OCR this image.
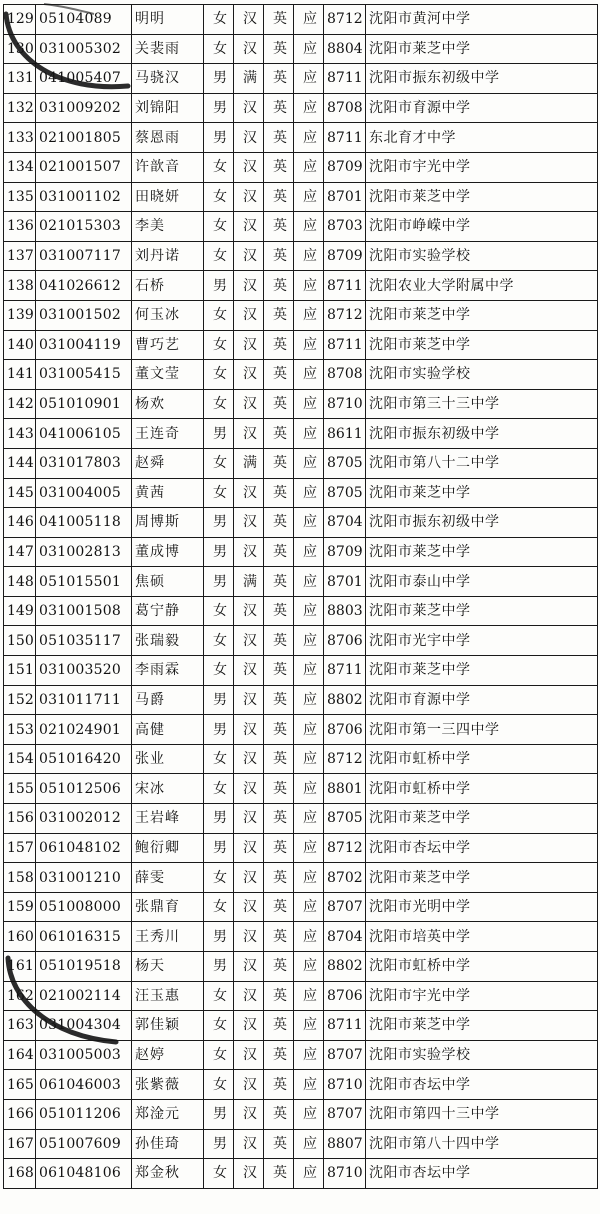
129	05104089	明明	女	汉	英	应	8712	沈阳市黄河中学
130	031005302	关裴雨	女	汉	英	应	8804	沈阳市莱芝中学
131	041005407	马骁汉	男	满	英	应	8711	沈阳市振东初级中学
132	031009202	刘锦阳	男	汉	英	应	8708	沈阳市育源中学
133	021001805	蔡恩雨	男	汉	英	应	8711	东北育才中学
134	021001507	许歆音	女	汉	英	应	8709	沈阳市宇光中学
135	031001102	田晓妍	女	汉	英	应	8701	沈阳市莱芝中学
136	021015303	李美	女	汉	英	应	8703	沈阳市峥嵘中学
137	031007117	刘丹诺	女	汉	英	应	8709	沈阳市实验学校
138	041026612	石桥	男	汉	英	应	8711	沈阳农业大学附属中学
139	031001502	何玉冰	女	汉	英	应	8712	沈阳市莱芝中学
140	031004119	曹巧艺	女	汉	英	应	8711	沈阳市莱芝中学
141	031005415	董文莹	女	汉	英	应	8708	沈阳市实验学校
142	051010901	杨欢	女	汉	英	应	8710	沈阳市第三十三中学
143	041006105	王连奇	男	汉	英	应	8611	沈阳市振东初级中学
144	031017803	赵舜	女	满	英	应	8705	沈阳市第八十二中学
145	031004005	黄茜	女	汉	英	应	8705	沈阳市莱芝中学
146	041005118	周博斯	男	汉	英	应	8704	沈阳市振东初级中学
147	031002813	董成博	男	汉	英	应	8709	沈阳市莱芝中学
148	051015501	焦硕	男	满	英	应	8701	沈阳市泰山中学
149	031001508	葛宁静	女	汉	英	应	8803	沈阳市莱芝中学
150	051035117	张瑞毅	女	汉	英	应	8706	沈阳市光宇中学
151	031003520	李雨霖	女	汉	英	应	8711	沈阳市莱芝中学
152	031011711	马爵	男	汉	英	应	8802	沈阳市育源中学
153	021024901	高健	男	汉	英	应	8706	沈阳市第一三四中学
154	051016420	张业	女	汉	英	应	8712	沈阳市虹桥中学
155	051012506	宋冰	女	汉	英	应	8801	沈阳市虹桥中学
156	031002012	王岩峰	男	汉	英	应	8705	沈阳市莱芝中学
157	061048102	鲍衍卿	男	汉	英	应	8712	沈阳市杏坛中学
158	031001210	薛雯	女	汉	英	应	8702	沈阳市莱芝中学
159	051008000	张鼎育	女	汉	英	应	8707	沈阳市光明中学
160	061016315	王秀川	男	汉	英	应	8704	沈阳市培英中学
161	051019518	杨天	男	汉	英	应	8802	沈阳市虹桥中学
162	021002114	汪玉惠	女	汉	英	应	8706	沈阳市宇光中学
163	031004304	郭佳颖	女	汉	英	应	8711	沈阳市莱芝中学
164	031005003	赵婷	女	汉	英	应	8707	沈阳市实验学校
165	061046003	张紫薇	女	汉	英	应	8710	沈阳市杏坛中学
166	051011206	郑淦元	男	汉	英	应	8707	沈阳市第四十三中学
167	051007609	孙佳琦	男	汉	英	应	8807	沈阳市第八十四中学
168	061048106	郑金秋	女	汉	英	应	8710	沈阳市杏坛中学
